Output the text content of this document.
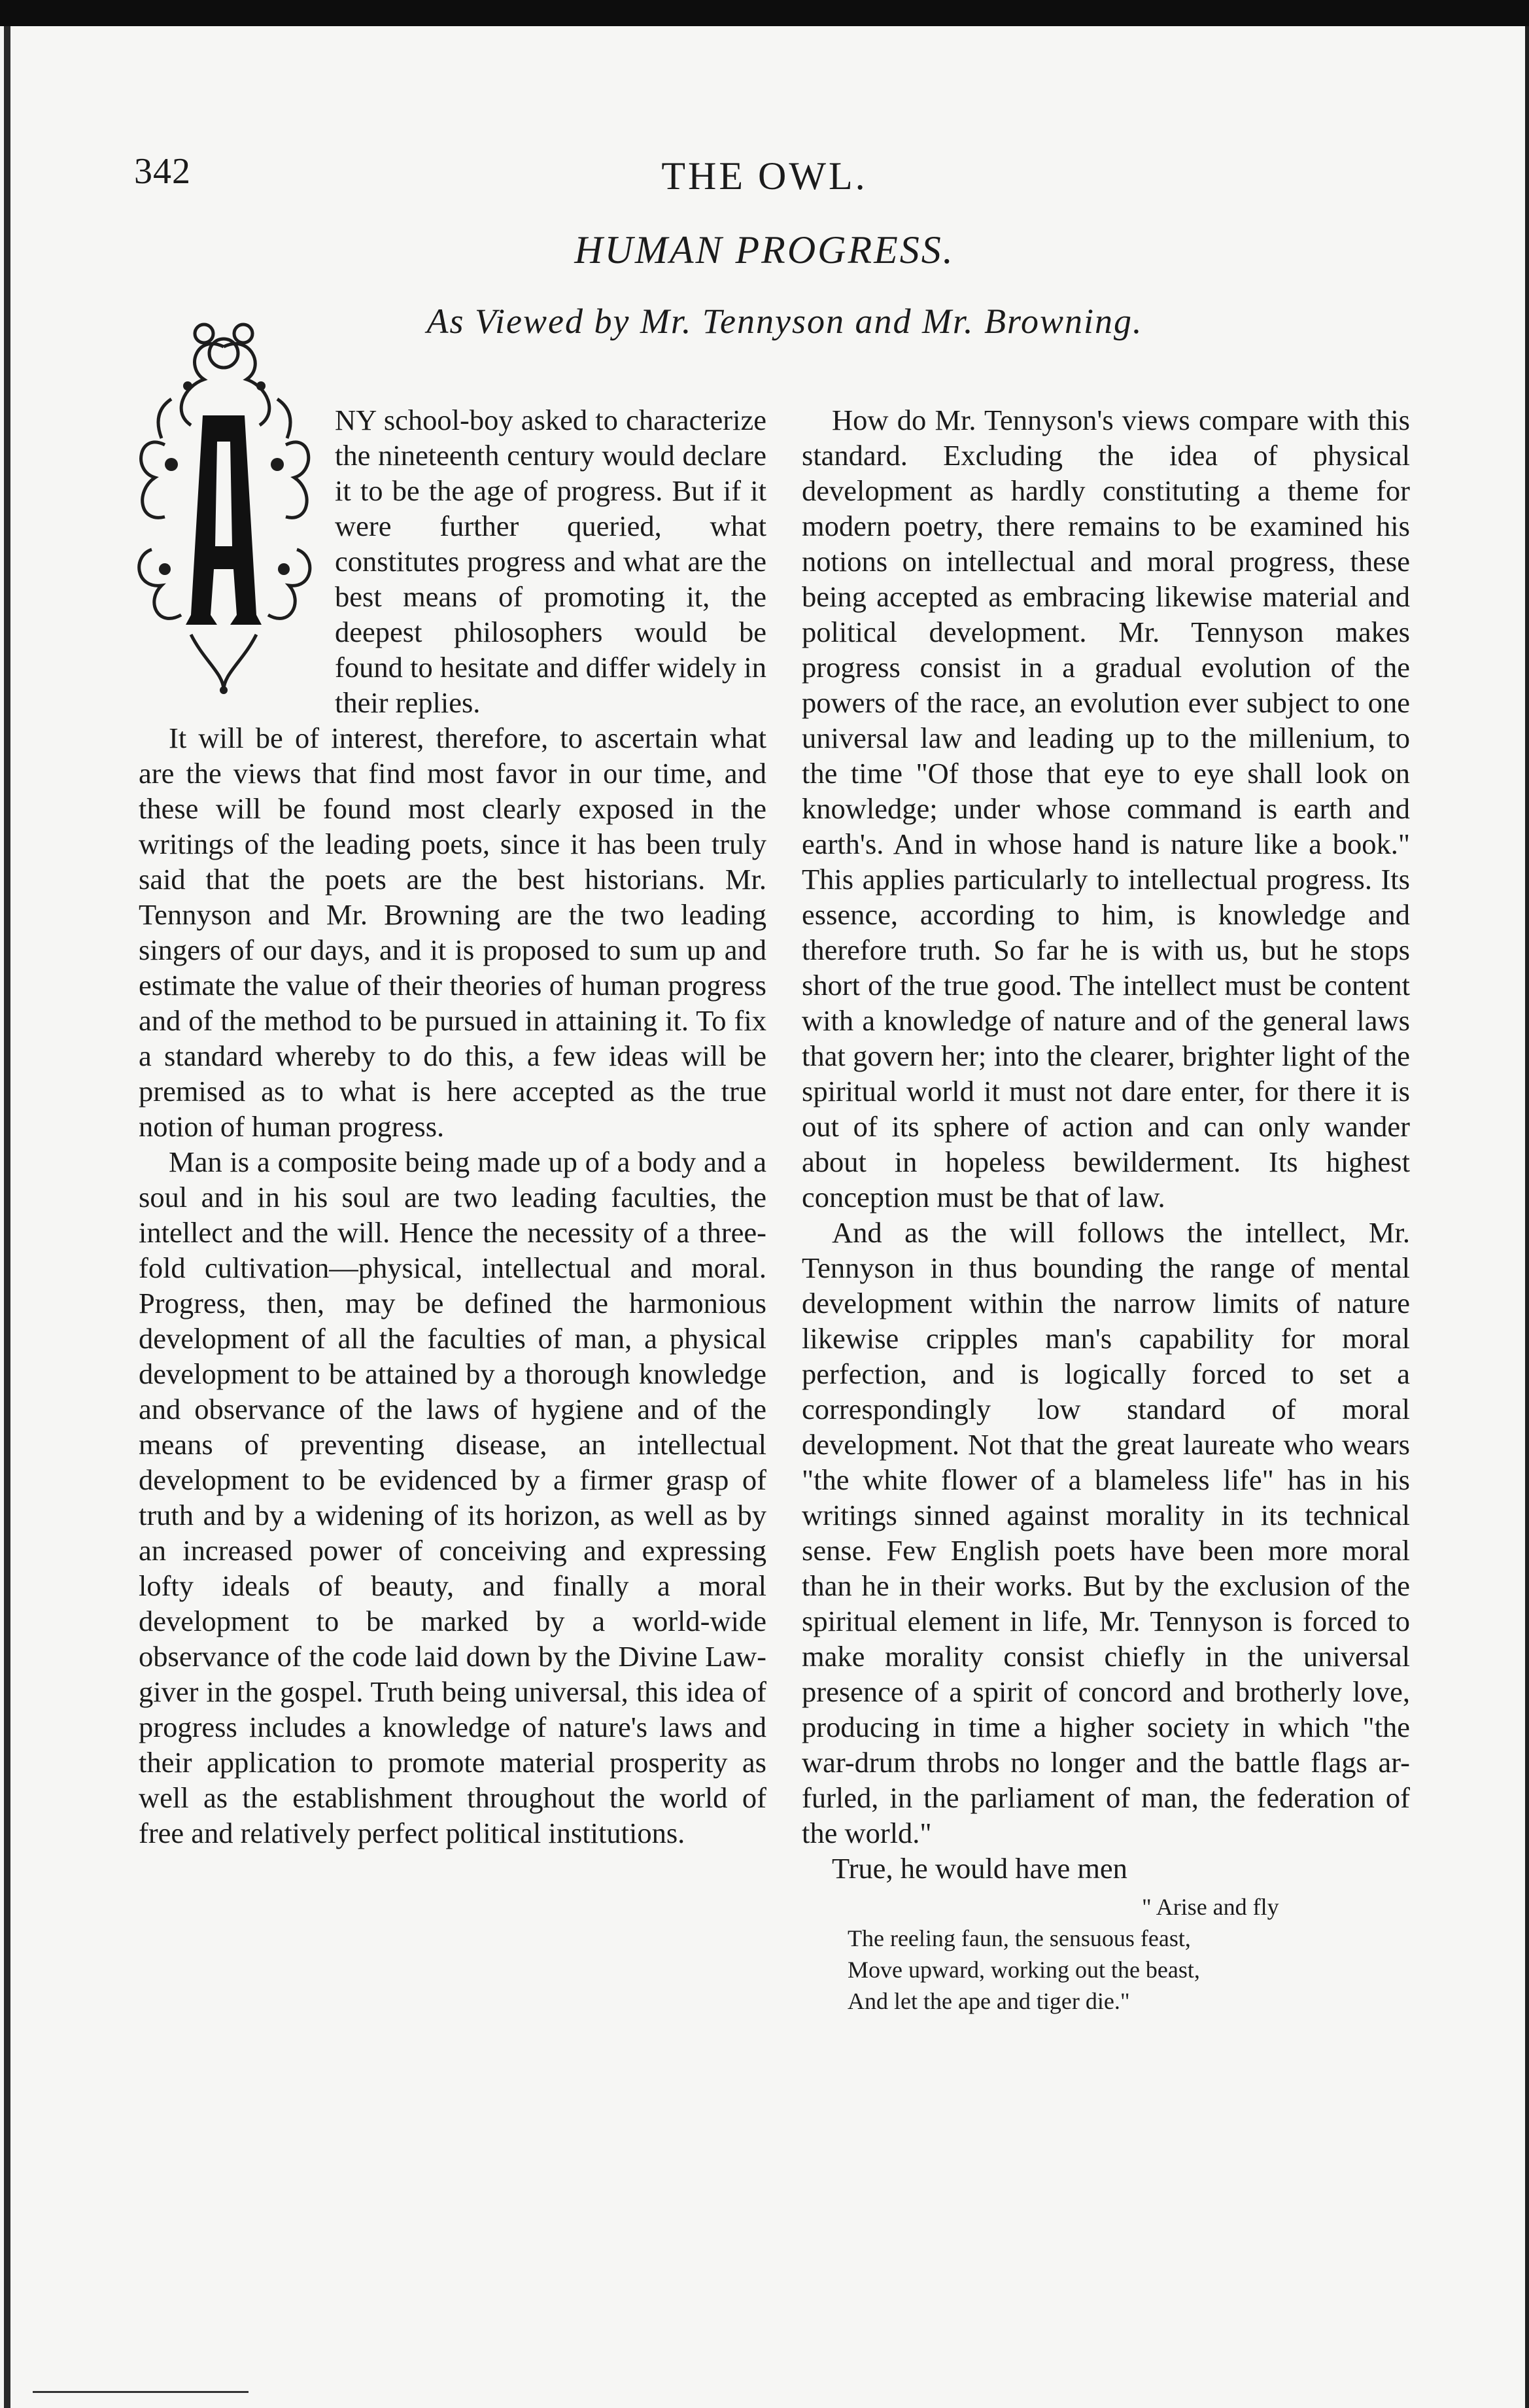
342	THE OWL.
HUMAN PROGRESS.
As Viewed by Mr. Tennyson and Mr. Browning.

NY school-boy asked to characterize the nineteenth century would declare it to be the age of progress. But if it were further queried, what constitutes progress and what are the best means of promoting it, the deepest philosophers would be found to hesitate and differ widely in their replies.

It will be of interest, therefore, to ascertain what are the views that find most favor in our time, and these will be found most clearly exposed in the writings of the leading poets, since it has been truly said that the poets are the best historians. Mr. Tennyson and Mr. Browning are the two leading singers of our days, and it is proposed to sum up and estimate the value of their theories of human progress and of the method to be pursued in attaining it. To fix a standard whereby to do this, a few ideas will be premised as to what is here accepted as the true notion of human progress.

Man is a composite being made up of a body and a soul and in his soul are two leading faculties, the intellect and the will. Hence the necessity of a three-fold cultivation—physical, intellectual and moral. Progress, then, may be defined the harmonious development of all the faculties of man, a physical development to be attained by a thorough knowledge and observance of the laws of hygiene and of the means of preventing disease, an intellectual development to be evidenced by a firmer grasp of truth and by a widening of its horizon, as well as by an increased power of conceiving and expressing lofty ideals of beauty, and finally a moral development to be marked by a world-wide observance of the code laid down by the Divine Law-giver in the gospel. Truth being universal, this idea of progress includes a knowledge of nature's laws and their application to promote material prosperity as well as the establishment throughout the world of free and relatively perfect political institutions.

How do Mr. Tennyson's views compare with this standard. Excluding the idea of physical development as hardly constituting a theme for modern poetry, there remains to be examined his notions on intellectual and moral progress, these being accepted as embracing likewise material and political development. Mr. Tennyson makes progress consist in a gradual evolution of the powers of the race, an evolution ever subject to one universal law and leading up to the millenium, to the time "Of those that eye to eye shall look on knowledge; under whose command is earth and earth's. And in whose hand is nature like a book." This applies particularly to intellectual progress. Its essence, according to him, is knowledge and therefore truth. So far he is with us, but he stops short of the true good. The intellect must be content with a knowledge of nature and of the general laws that govern her; into the clearer, brighter light of the spiritual world it must not dare enter, for there it is out of its sphere of action and can only wander about in hopeless bewilderment. Its highest conception must be that of law.

And as the will follows the intellect, Mr. Tennyson in thus bounding the range of mental development within the narrow limits of nature likewise cripples man's capability for moral perfection, and is logically forced to set a correspondingly low standard of moral development. Not that the great laureate who wears "the white flower of a blameless life" has in his writings sinned against morality in its technical sense. Few English poets have been more moral than he in their works. But by the exclusion of the spiritual element in life, Mr. Tennyson is forced to make morality consist chiefly in the universal presence of a spirit of concord and brotherly love, producing in time a higher society in which "the war-drum throbs no longer and the battle flags ar- furled, in the parliament of man, the federation of the world."

True, he would have men

" Arise and fly
The reeling faun, the sensuous feast,
Move upward, working out the beast,
And let the ape and tiger die."
